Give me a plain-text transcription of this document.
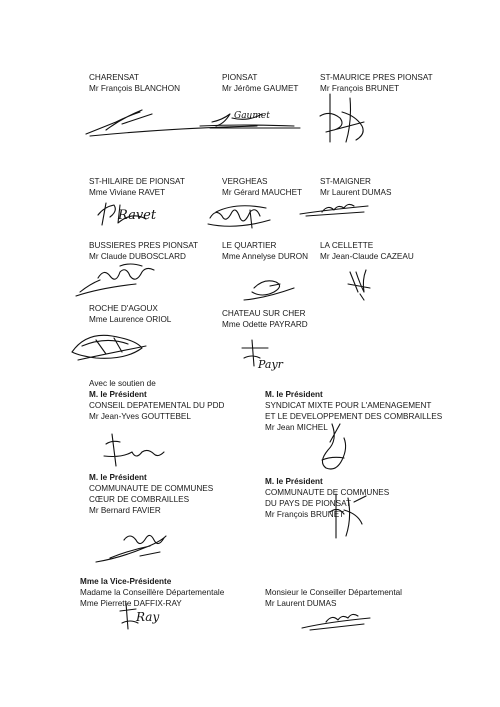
CHARENSAT
Mr François BLANCHON
PIONSAT
Mr Jérôme GAUMET
ST-MAURICE PRES PIONSAT
Mr François BRUNET
ST-HILAIRE DE PIONSAT
Mme Viviane RAVET
VERGHEAS
Mr Gérard MAUCHET
ST-MAIGNER
Mr Laurent DUMAS
BUSSIERES PRES PIONSAT
Mr Claude DUBOSCLARD
LE QUARTIER
Mme Annelyse DURON
LA CELLETTE
Mr Jean-Claude CAZEAU
ROCHE D'AGOUX
Mme Laurence ORIOL
CHATEAU SUR CHER
Mme Odette PAYRARD
Avec le soutien de
M. le Président
CONSEIL DEPATEMENTAL DU PDD
Mr Jean-Yves GOUTTEBEL
M. le Président
SYNDICAT MIXTE POUR L'AMENAGEMENT
ET LE DEVELOPPEMENT DES COMBRAILLES
Mr Jean MICHEL
M. le Président
COMMUNAUTE DE COMMUNES
CŒUR DE COMBRAILLES
Mr Bernard FAVIER
M. le Président
COMMUNAUTE DE COMMUNES
DU PAYS DE PIONSAT
Mr François BRUNET
Mme la Vice-Présidente
Madame la Conseillère Départementale
Mme Pierrette DAFFIX-RAY
Monsieur le Conseiller Départemental
Mr Laurent DUMAS
Gaumet
Ravet
Payr
Ray
